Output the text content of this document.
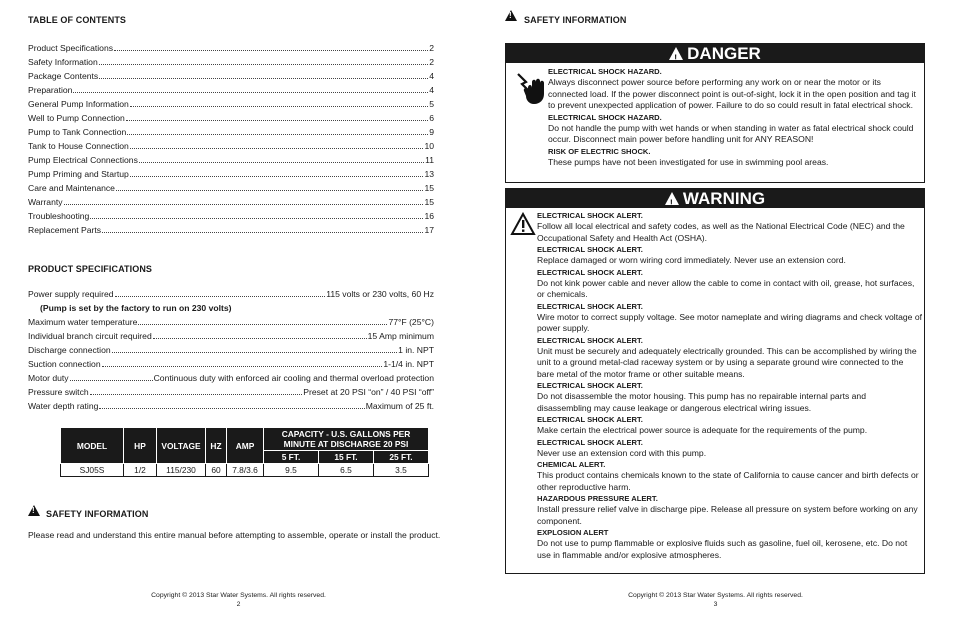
TABLE OF CONTENTS
Product Specifications	2
Safety Information	2
Package Contents	4
Preparation	4
General Pump Information	5
Well to Pump Connection	6
Pump to Tank Connection	9
Tank to House Connection	10
Pump Electrical Connections	11
Pump Priming and Startup	13
Care and Maintenance	15
Warranty	15
Troubleshooting	16
Replacement Parts	17
PRODUCT SPECIFICATIONS
Power supply required	115 volts or 230 volts, 60 Hz
Maximum water temperature	77°F (25°C)
Individual branch circuit required	15 Amp minimum
Discharge connection	1 in. NPT
Suction connection	1-1/4 in. NPT
Motor duty	Continuous duty with enforced air cooling and thermal overload protection
Pressure switch	Preset at 20 PSI “on” / 40 PSI “off”
Water depth rating	Maximum of 25 ft.
(Pump is set by the factory to run on 230 volts)
MODEL	HP	VOLTAGE	HZ	AMP	CAPACITY - U.S. GALLONS PER MINUTE AT DISCHARGE 20 PSI		
					5 FT.	15 FT.	25 FT.
SJ05S	1/2	115/230	60	7.8/3.6	9.5	6.5	3.5
! SAFETY INFORMATION
Please read and understand this entire manual before attempting to assemble, operate or install the product.
Copyright © 2013 Star Water Systems. All rights reserved.
2
! SAFETY INFORMATION
! DANGER
ELECTRICAL SHOCK HAZARD.
Always disconnect power source before performing any work on or near the motor or its connected load. If the power disconnect point is out-of-sight, lock it in the open position and tag it to prevent unexpected application of power. Failure to do so could result in fatal electrical shock.
ELECTRICAL SHOCK HAZARD.
Do not handle the pump with wet hands or when standing in water as fatal electrical shock could occur. Disconnect main power before handling unit for ANY REASON!
RISK OF ELECTRIC SHOCK.
These pumps have not been investigated for use in swimming pool areas.
! WARNING
ELECTRICAL SHOCK ALERT.
Follow all local electrical and safety codes, as well as the National Electrical Code (NEC) and the Occupational Safety and Health Act (OSHA).
ELECTRICAL SHOCK ALERT.
Replace damaged or worn wiring cord immediately. Never use an extension cord.
ELECTRICAL SHOCK ALERT.
Do not kink power cable and never allow the cable to come in contact with oil, grease, hot surfaces, or chemicals.
ELECTRICAL SHOCK ALERT.
Wire motor to correct supply voltage. See motor nameplate and wiring diagrams and check voltage of power supply.
ELECTRICAL SHOCK ALERT.
Unit must be securely and adequately electrically grounded. This can be accomplished by wiring the unit to a ground metal-clad raceway system or by using a separate ground wire connected to the bare metal of the motor frame or other suitable means.
ELECTRICAL SHOCK ALERT.
Do not disassemble the motor housing. This pump has no repairable internal parts and disassembling may cause leakage or dangerous electrical wiring issues.
ELECTRICAL SHOCK ALERT.
Make certain the electrical power source is adequate for the requirements of the pump.
ELECTRICAL SHOCK ALERT.
Never use an extension cord with this pump.
CHEMICAL ALERT.
This product contains chemicals known to the state of California to cause cancer and birth defects or other reproductive harm.
HAZARDOUS PRESSURE ALERT.
Install pressure relief valve in discharge pipe. Release all pressure on system before working on any component.
EXPLOSION ALERT
Do not use to pump flammable or explosive fluids such as gasoline, fuel oil, kerosene, etc. Do not use in flammable and/or explosive atmospheres.
Copyright © 2013 Star Water Systems. All rights reserved.
3
